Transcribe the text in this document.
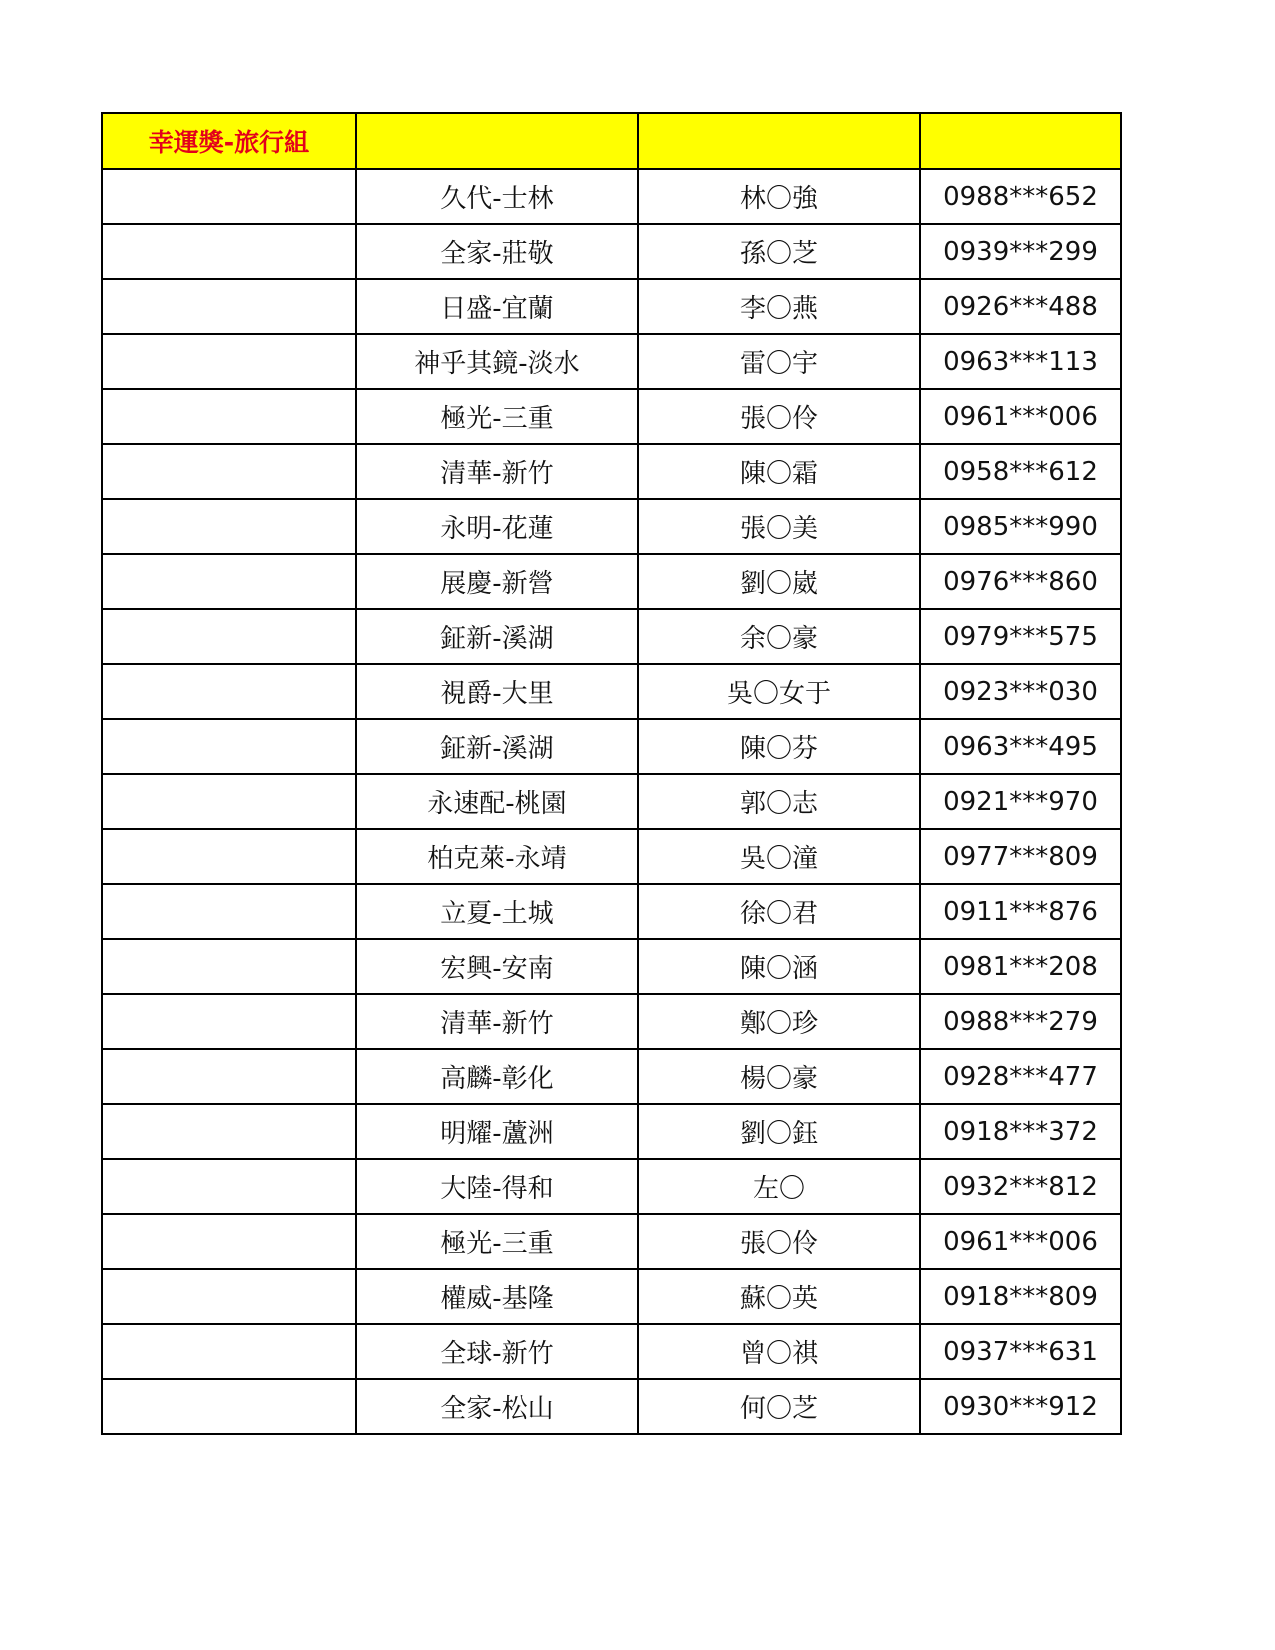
幸運獎-旅行組			
	久代-士林	林〇強	0988***652
	全家-莊敬	孫〇芝	0939***299
	日盛-宜蘭	李〇燕	0926***488
	神乎其鏡-淡水	雷〇宇	0963***113
	極光-三重	張〇伶	0961***006
	清華-新竹	陳〇霜	0958***612
	永明-花蓮	張〇美	0985***990
	展慶-新營	劉〇崴	0976***860
	鉦新-溪湖	余〇豪	0979***575
	視爵-大里	吳〇女于	0923***030
	鉦新-溪湖	陳〇芬	0963***495
	永速配-桃園	郭〇志	0921***970
	柏克萊-永靖	吳〇潼	0977***809
	立夏-土城	徐〇君	0911***876
	宏興-安南	陳〇涵	0981***208
	清華-新竹	鄭〇珍	0988***279
	高麟-彰化	楊〇豪	0928***477
	明耀-蘆洲	劉〇鈺	0918***372
	大陸-得和	左〇	0932***812
	極光-三重	張〇伶	0961***006
	權威-基隆	蘇〇英	0918***809
	全球-新竹	曾〇祺	0937***631
	全家-松山	何〇芝	0930***912
